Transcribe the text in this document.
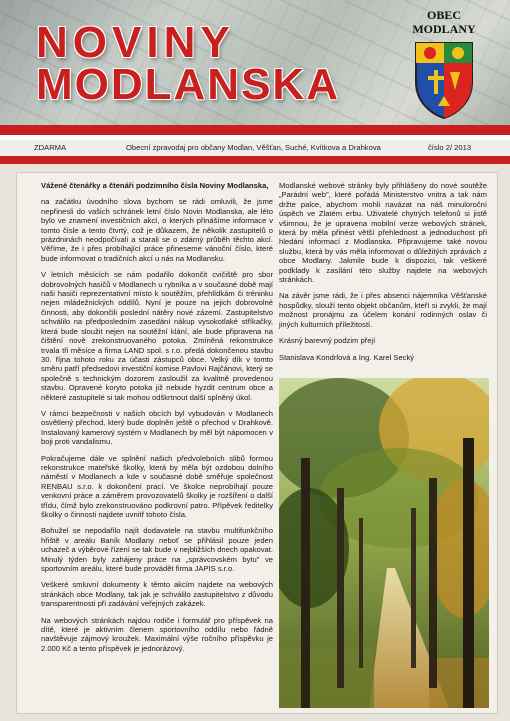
NOVINY
MODLANSKA
OBEC
MODLANY
ZDARMA	Obecní zpravodaj pro občany Modlan, Věšťan, Suché, Kvítkova a Drahkova	číslo 2/ 2013

Vážené čtenářky a čtenáři podzimního čísla Noviny Modlanska,

na začátku úvodního slova bychom se rádi omluvili, že jsme nepřinesli do vašich schránek letní číslo Novin Modlanska, ale léto bylo ve znamení investičních akcí, o kterých přinášíme informace v tomto čísle a tento čtvrtý, což je důkazem, že několik zastupitelů o prázdninách neodpočívali a starali se o zdárný průběh těchto akcí. Věříme, že i přes probíhající práce přineseme vánoční číslo, které bude informovat o tradičních akcí u nás na Modlansku.

V letních měsících se nám podařilo dokončit cvičiště pro sbor dobrovolných hasičů v Modlanech u rybníka a v současné době mají naši hasiči reprezentativní místo k soutěžím, přehlídkám či tréninku nejen mládežnických oddílů. Nyní je pouze na jejich dobrovolné činnosti, aby dokončili poslední nátěry nové zázemí. Zastupitelstvo schválilo na předposledním zasedání nákup vysokotlaké stříkačky, která bude sloužit nejen na soutěžní klání, ale bude připravena na čištění nově zrekonstruovaného potoka. Zmíněná rekonstrukce trvala tři měsíce a firma LAND spol. s r.o. předá dokončenou stavbu 30. října tohoto roku za účasti zástupců obce. Velký dík v tomto směru patří předsedovi investiční komise Pavlovi Rajčánovi, který se společně s technickým dozorem zasloužil za kvalitně provedenou stavbu. Opravené koryto potoka již nebude hyzdit centrum obce a některé zastupitelé si tak mohou odškrtnout další splněný úkol.

V rámci bezpečnosti v našich obcích byl vybudován v Modlanech osvětlený přechod, který bude doplněn ještě o přechod v Drahkově. Instalovaný kamerový systém v Modlanech by měl být nápomocen v boji proti vandalismu.

Pokračujeme dále ve splnění našich předvolebních slibů formou rekonstrukce mateřské školky, která by měla být ozdobou dolního náměstí v Modlanech a kde v současné době směřuje společnost RENBAU s.r.o. k dokončení prací. Ve školce neprobíhají pouze venkovní práce a záměrem provozovatelů školky je rozšíření o další třídu, čímž bylo zrekonstruováno podkrovní patro. Přípěvek ředitelky školky o činnosti najdete uvnitř tohoto čísla.

Bohužel se nepodařilo najít dodavatele na stavbu multifunkčního hřiště v areálu Baník Modlany neboť se přihlásil pouze jeden uchazeč a výběrové řízení se tak bude v nejbližších dnech opakovat. Minulý týden byly zahájeny práce na „správcovském bytu" ve sportovním areálu, které bude provádět firma JAPIS s.r.o.

Veškeré smluvní dokumenty k těmto akcím najdete na webových stránkách obce Modlany, tak jak je schválilo zastupitelstvo z důvodu transparentnosti při zadávání veřejných zakázek.

Na webových stránkách najdou rodiče i formulář pro příspěvek na dítě, které je aktivním členem sportovního oddílu nebo řádně navštěvuje zájmový kroužek. Maximální výše ročního příspěvku je 2.000 Kč a tento příspěvek je jednorázový.

Modlanské webové stránky byly přihlášeny do nové soutěže „Parádní web", které pořádá Ministerstvo vnitra a tak nám držte palce, abychom mohli navázat na náš minuloroční úspěch ve Zlatém erbu. Uživatelé chytrých telefonů si jistě všimnou, že je upravena mobilní verze webových stránek, která by měla přinést větší přehlednost a jednoduchost při hledání informací z Modlanska. Připravujeme také novou službu, která by vás měla informovat o důležitých zprávách z obce Modlany. Jakmile bude k dispozici, tak veškeré podklady k zasílání této služby najdete na webových stránkách.

Na závěr jsme rádi, že i přes absenci nájemníka Věšťanské hospůdky, slouží tento objekt občanům, kteří si zvykli, že mají možnost pronájmu za účelem konání rodinných oslav či jiných kulturních příležitostí.

Krásný barevný podzim přejí

Stanislava Kondrlová a Ing. Karel Secký
